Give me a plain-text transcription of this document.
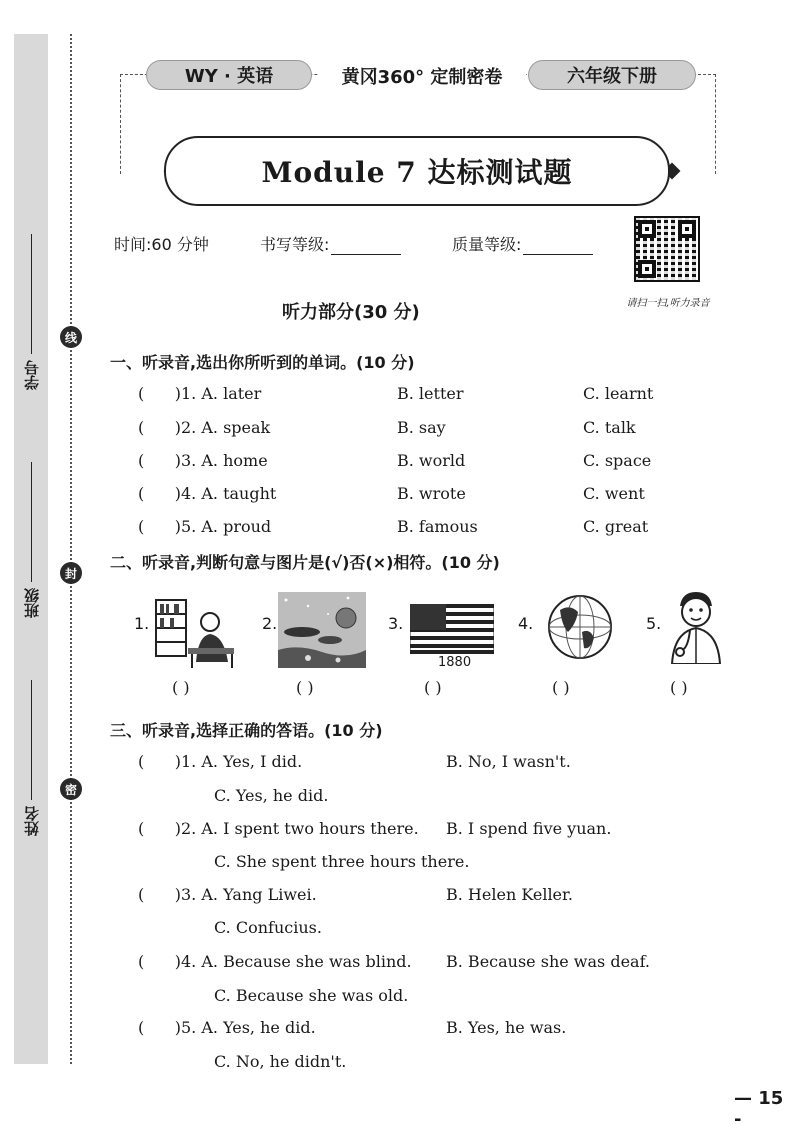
线
封
密
学号
班级
姓名
WY · 英语	黄冈360° 定制密卷	六年级下册
Module 7 达标测试题
时间:60 分钟	书写等级:	质量等级:
请扫一扫,听力录音
听力部分(30 分)
一、听录音,选出你所听到的单词。(10 分)
(      )1. A. later	B. letter	C. learnt
(      )2. A. speak	B. say	C. talk
(      )3. A. home	B. world	C. space
(      )4. A. taught	B. wrote	C. went
(      )5. A. proud	B. famous	C. great
二、听录音,判断句意与图片是(√)否(×)相符。(10 分)
1.
( )
2.
( )
3.
1880
( )
4.
( )
5.
( )
三、听录音,选择正确的答语。(10 分)
(      )1. A. Yes, I did.	B. No, I wasn't.
C. Yes, he did.
(      )2. A. I spent two hours there. B. I spend five yuan.
C. She spent three hours there.
(      )3. A. Yang Liwei.	B. Helen Keller.
C. Confucius.
(      )4. A. Because she was blind. B. Because she was deaf.
C. Because she was old.
(      )5. A. Yes, he did.	B. Yes, he was.
C. No, he didn't.
— 15 -
